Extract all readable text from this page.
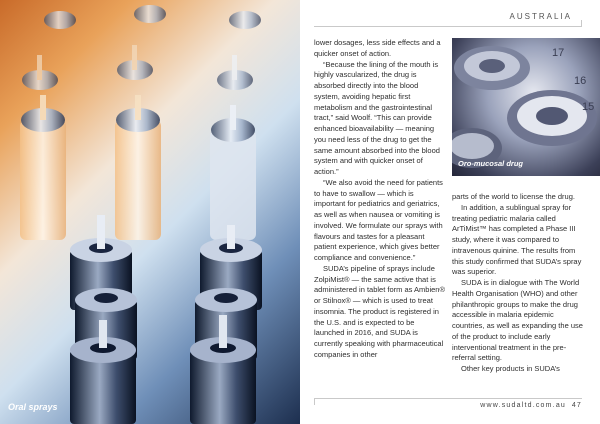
Oral sprays
AUSTRALIA

lower dosages, less side effects and a quicker onset of action.

“Because the lining of the mouth is highly vascularized, the drug is absorbed directly into the blood system, avoiding hepatic first metabolism and the gastrointestinal tract,” said Woolf. “This can provide enhanced bioavailability — meaning you need less of the drug to get the same amount absorbed into the blood system and with quicker onset of action.”

“We also avoid the need for patients to have to swallow — which is important for pediatrics and geriatrics, as well as when nausea or vomiting is involved. We formulate our sprays with flavours and tastes for a pleasant patient experience, which gives better compliance and convenience.”

SUDA’s pipeline of sprays include ZolpiMist® — the same active that is administered in tablet form as Ambien® or Stilnox® — which is used to treat insomnia. The product is registered in the U.S. and is expected to be launched in 2016, and SUDA is currently speaking with pharmaceutical companies in other

17
16
15
Oro-mucosal drug

parts of the world to license the drug.

In addition, a sublingual spray for treating pediatric malaria called ArTiMist™ has completed a Phase III study, where it was compared to intravenous quinine. The results from this study confirmed that SUDA’s spray was superior.

SUDA is in dialogue with The World Health Organisation (WHO) and other philanthropic groups to make the drug accessible in malaria epidemic countries, as well as expanding the use of the product to include early interventional treatment in the pre-referral setting.

Other key products in SUDA’s

www.sudaltd.com.au 47
